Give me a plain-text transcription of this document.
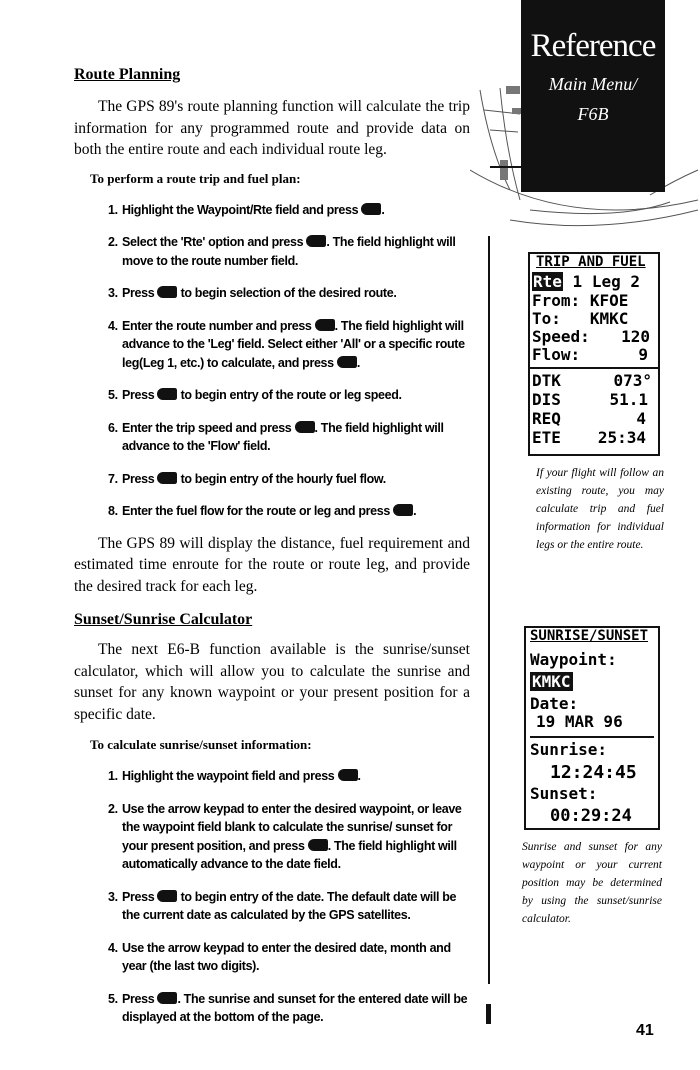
Reference
Main Menu/
F6B
Route Planning

The GPS 89's route planning function will calculate the trip information for any programmed route and provide data on both the entire route and each individual route leg.

To perform a route trip and fuel plan:

1. Highlight the Waypoint/Rte field and press .
2. Select the 'Rte' option and press . The field highlight will move to the route number field.
3. Press to begin selection of the desired route.
4. Enter the route number and press . The field highlight will advance to the 'Leg' field. Select either 'All' or a specific route leg(Leg 1, etc.) to calculate, and press .
5. Press to begin entry of the route or leg speed.
6. Enter the trip speed and press . The field highlight will advance to the 'Flow' field.
7. Press to begin entry of the hourly fuel flow.
8. Enter the fuel flow for the route or leg and press .

The GPS 89 will display the distance, fuel requirement and estimated time enroute for the route or route leg, and provide the desired track for each leg.

Sunset/Sunrise Calculator

The next E6-B function available is the sunrise/sunset calculator, which will allow you to calculate the sunrise and sunset for any known waypoint or your present position for a specific date.

To calculate sunrise/sunset information:

1. Highlight the waypoint field and press .
2. Use the arrow keypad to enter the desired waypoint, or leave the waypoint field blank to calculate the sunrise/ sunset for your present position, and press . The field highlight will automatically advance to the date field.
3. Press to begin entry of the date. The default date will be the current date as calculated by the GPS satellites.
4. Use the arrow keypad to enter the desired date, month and year (the last two digits).
5. Press . The sunrise and sunset for the entered date will be displayed at the bottom of the page.
TRIP AND FUEL
Rte 1 Leg 2
From: KFOE
To: KMKC
Speed: 120
Flow:	9
DTK	073°
DIS	51.1
REQ	4
ETE 25:34
If your flight will follow an existing route, you may calculate trip and fuel information for individual legs or the entire route.
SUNRISE/SUNSET
Waypoint:
KMKC
Date:
19 MAR 96
Sunrise:
12:24:45
Sunset:
00:29:24
Sunrise and sunset for any waypoint or your current position may be determined by using the sunset/sunrise calculator.
41
